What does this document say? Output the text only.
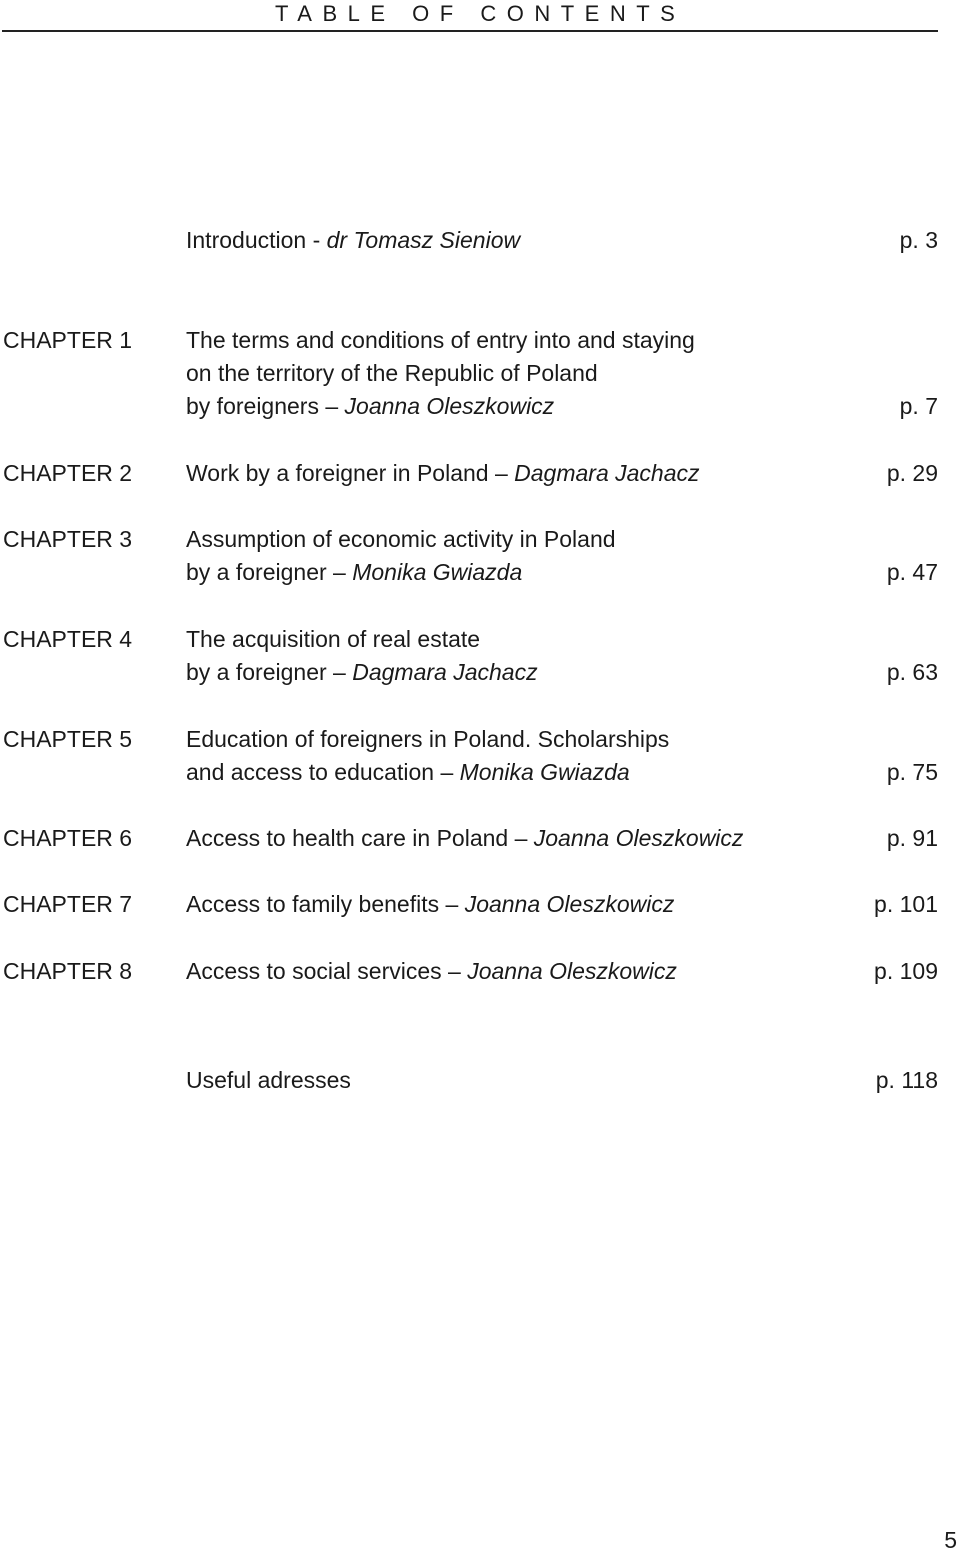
TABLE OF CONTENTS
Introduction - dr Tomasz Sieniow	p. 3
CHAPTER 1 The terms and conditions of entry into and staying
on the territory of the Republic of Poland
by foreigners – Joanna Oleszkowicz	p. 7
CHAPTER 2 Work by a foreigner in Poland – Dagmara Jachacz	p. 29
CHAPTER 3 Assumption of economic activity in Poland
by a foreigner – Monika Gwiazda	p. 47
CHAPTER 4 The acquisition of real estate
by a foreigner – Dagmara Jachacz	p. 63
CHAPTER 5 Education of foreigners in Poland. Scholarships
and access to education – Monika Gwiazda	p. 75
CHAPTER 6 Access to health care in Poland – Joanna Oleszkowicz	p. 91
CHAPTER 7 Access to family benefits – Joanna Oleszkowicz	p. 101
CHAPTER 8 Access to social services – Joanna Oleszkowicz	p. 109
Useful adresses	p. 118
5
